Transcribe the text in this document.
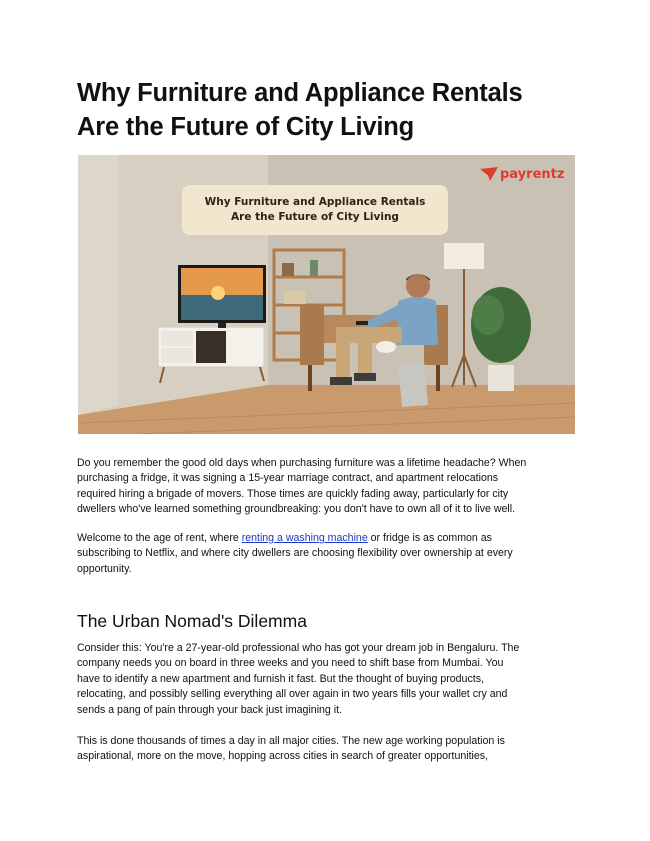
Why Furniture and Appliance Rentals
Are the Future of City Living
Why Furniture and Appliance Rentals
Are the Future of City Living
payrentz
Do you remember the good old days when purchasing furniture was a lifetime headache? When
purchasing a fridge, it was signing a 15-year marriage contract, and apartment relocations
required hiring a brigade of movers. Those times are quickly fading away, particularly for city
dwellers who've learned something groundbreaking: you don't have to own all of it to live well.
Welcome to the age of rent, where renting a washing machine or fridge is as common as
subscribing to Netflix, and where city dwellers are choosing flexibility over ownership at every
opportunity.
The Urban Nomad's Dilemma
Consider this: You're a 27-year-old professional who has got your dream job in Bengaluru. The
company needs you on board in three weeks and you need to shift base from Mumbai. You
have to identify a new apartment and furnish it fast. But the thought of buying products,
relocating, and possibly selling everything all over again in two years fills your wallet cry and
sends a pang of pain through your back just imagining it.
This is done thousands of times a day in all major cities. The new age working population is
aspirational, more on the move, hopping across cities in search of greater opportunities,
